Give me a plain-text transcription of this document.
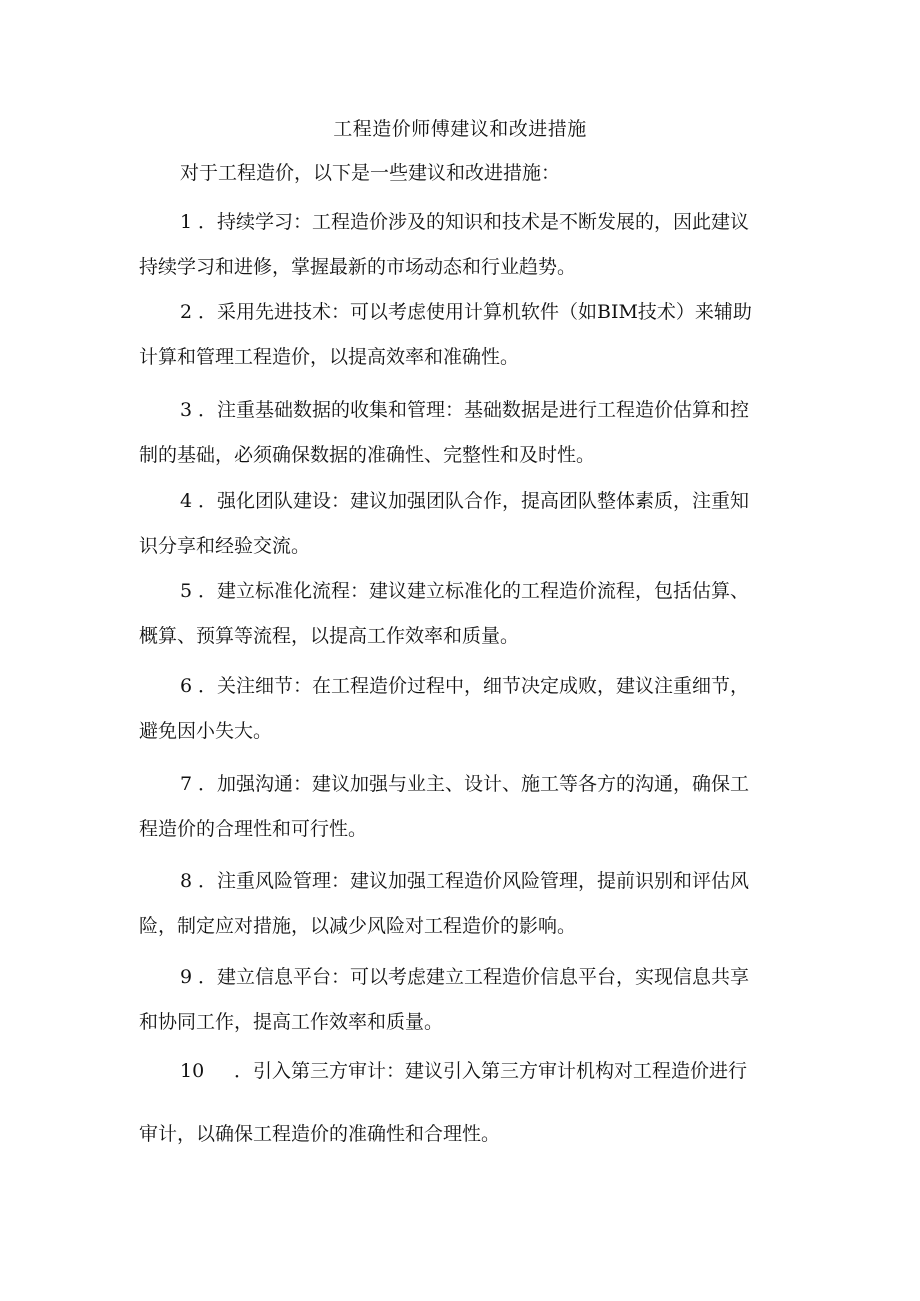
工程造价师傅建议和改进措施
对于工程造价，以下是一些建议和改进措施：
1 ．持续学习：工程造价涉及的知识和技术是不断发展的，因此建议
持续学习和进修，掌握最新的市场动态和行业趋势。
2 ．采用先进技术：可以考虑使用计算机软件（如BIM技术）来辅助
计算和管理工程造价，以提高效率和准确性。
3 ．注重基础数据的收集和管理：基础数据是进行工程造价估算和控
制的基础，必须确保数据的准确性、完整性和及时性。
4 ．强化团队建设：建议加强团队合作，提高团队整体素质，注重知
识分享和经验交流。
5 ．建立标准化流程：建议建立标准化的工程造价流程，包括估算、
概算、预算等流程，以提高工作效率和质量。
6 ．关注细节：在工程造价过程中，细节决定成败，建议注重细节，
避免因小失大。
7 ．加强沟通：建议加强与业主、设计、施工等各方的沟通，确保工
程造价的合理性和可行性。
8 ．注重风险管理：建议加强工程造价风险管理，提前识别和评估风
险，制定应对措施，以减少风险对工程造价的影响。
9 ．建立信息平台：可以考虑建立工程造价信息平台，实现信息共享
和协同工作，提高工作效率和质量。
10 ．引入第三方审计：建议引入第三方审计机构对工程造价进行
审计，以确保工程造价的准确性和合理性。
